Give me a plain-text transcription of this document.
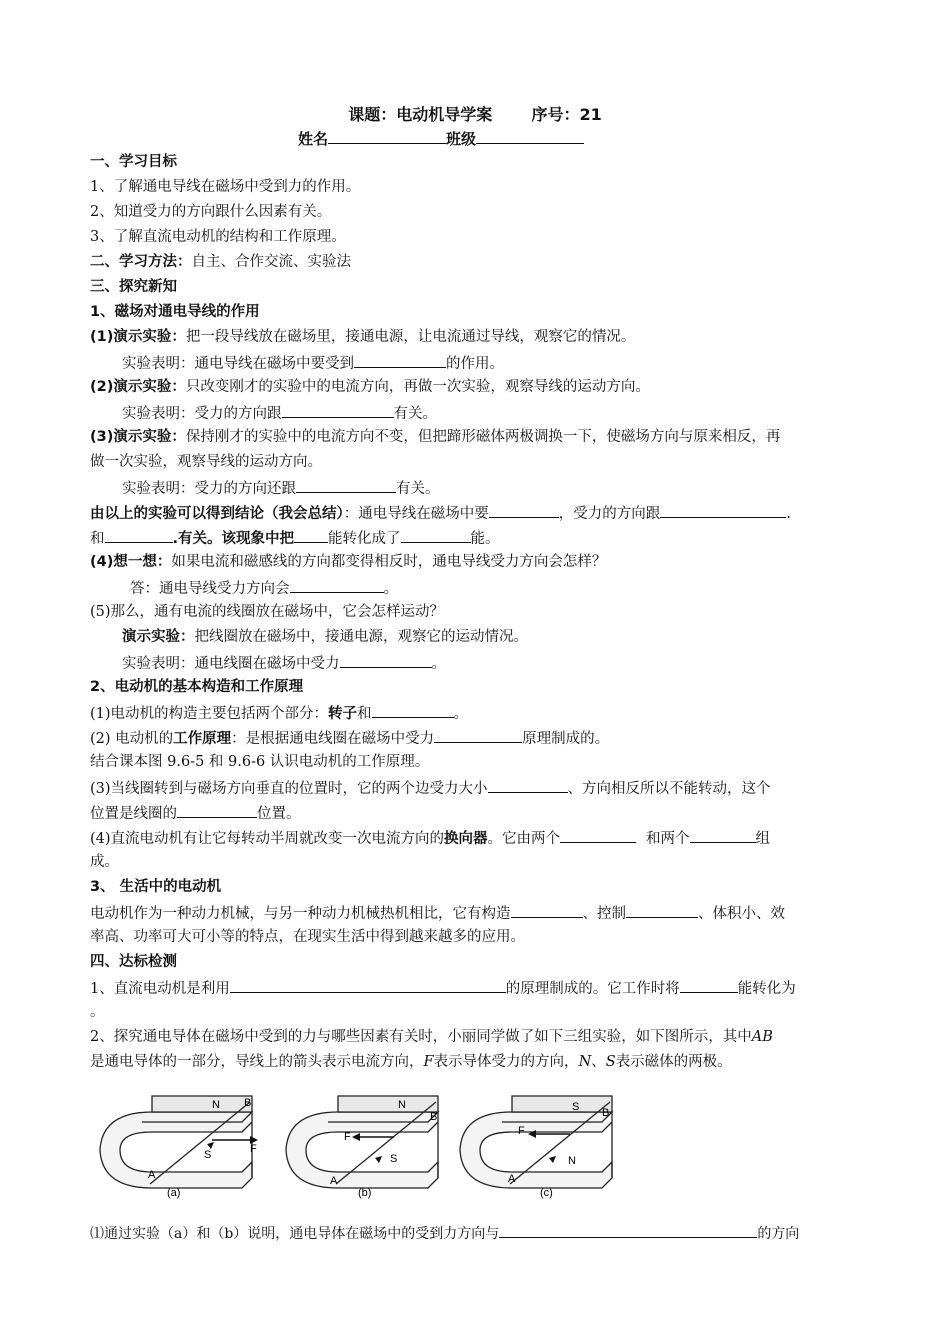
课题：电动机导学案 序号：21
姓名	班级
一、学习目标
1、了解通电导线在磁场中受到力的作用。
2、知道受力的方向跟什么因素有关。
3、了解直流电动机的结构和工作原理。
二、学习方法：自主、合作交流、实验法
三、探究新知
1、磁场对通电导线的作用
(1)演示实验：把一段导线放在磁场里，接通电源，让电流通过导线，观察它的情况。
实验表明：通电导线在磁场中要受到	的作用。
(2)演示实验：只改变刚才的实验中的电流方向，再做一次实验，观察导线的运动方向。
实验表明：受力的方向跟	有关。
(3)演示实验：保持刚才的实验中的电流方向不变，但把蹄形磁体两极调换一下，使磁场方向与原来相反，再
做一次实验，观察导线的运动方向。
实验表明：受力的方向还跟	有关。
由以上的实验可以得到结论（我会总结）：通电导线在磁场中要	，受力的方向跟	.
和	.有关。该现象中把 能转化成了	能。
(4)想一想：如果电流和磁感线的方向都变得相反时，通电导线受力方向会怎样？
答：通电导线受力方向会	。
(5)那么，通有电流的线圈放在磁场中，它会怎样运动？
演示实验：把线圈放在磁场中，接通电源，观察它的运动情况。
实验表明：通电线圈在磁场中受力	。
2、电动机的基本构造和工作原理
(1)电动机的构造主要包括两个部分：转子和	。
(2) 电动机的工作原理：是根据通电线圈在磁场中受力	原理制成的。
结合课本图 9.6-5 和 9.6-6 认识电动机的工作原理。
(3)当线圈转到与磁场方向垂直的位置时，它的两个边受力大小	、方向相反所以不能转动，这个
位置是线圈的	位置。
(4)直流电动机有让它每转动半周就改变一次电流方向的换向器。它由两个	和两个	组
成。
3、 生活中的电动机
电动机作为一种动力机械，与另一种动力机械热机相比，它有构造	、控制	、体积小、效
率高、功率可大可小等的特点，在现实生活中得到越来越多的应用。
四、达标检测
1、直流电动机是利用	的原理制成的。它工作时将	能转化为
。
2、探究通电导体在磁场中受到的力与哪些因素有关时，小丽同学做了如下三组实验，如下图所示，其中AB
是通电导体的一部分，导线上的箭头表示电流方向，F表示导体受力的方向，N、S表示磁体的两极。
N
S
B
A
F
(a)
N
S
B
A
F
(b)
S
N
B
A
F
(c)
⑴通过实验（a）和（b）说明，通电导体在磁场中的受到力方向与	的方向
